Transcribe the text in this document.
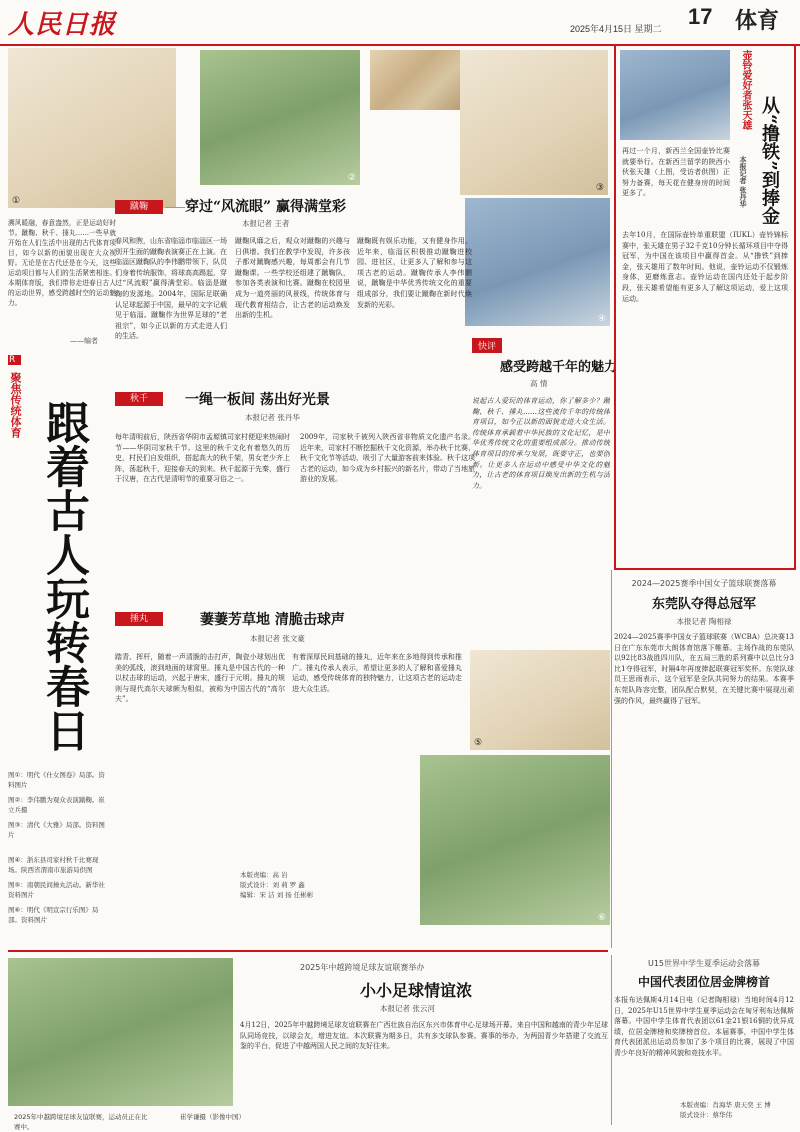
人民日报	2025年4月15日 星期二 17 体育
①
②
③
④
溯风暖融，春意盎然，正是运动好时节。蹴鞠、秋千、捶丸……一些早就开始在人们生活中出现的古代体育项目，如今以新的面貌出现在大众视野。无论是在古代还是在今天，这些运动项目都与人们的生活紧密相连。本期体育版，我们带你走进春日古人的运动世界，感受跨越时空的运动魅力。
——编者
R
聚焦传统体育 跟着古人玩转春日
图①：明代《仕女图卷》局部。资料图片
图②：李伟鹏为观众表演蹴鞠。崔立兵摄
图③：清代《大雅》局部。资料图片
图④：浙东县司家村秋千比赛现场。陕西省渭南市旅游局供图
图⑤：南朝民间捶丸活动。新华社资料图片
图⑥：明代《明宣宗行乐图》局部。资料图片
蹴鞠	穿过“风流眼” 赢得满堂彩
本报记者 王者
春风和煦，山东省临淄市临淄区一场别开生面的蹴鞠表演赛正在上演。在临淄区蹴鞠队的李伟鹏带领下，队员们身着传统服饰，将球高高踢起，穿过“风流眼”赢得满堂彩。临淄是蹴鞠的发源地。2004年，国际足联确认足球起源于中国，最早的文字记载见于临淄。蹴鞠作为世界足球的“老祖宗”，如今正以新的方式走进人们的生活。
蹴鞠风靡之后，观众对蹴鞠的兴趣与日俱增。我们在教学中发现，许多孩子都对蹴鞠感兴趣，每周都会有几节蹴鞠课。一些学校还组建了蹴鞠队，参加各类表演和比赛。蹴鞠在校园里成为一道亮丽的风景线，传统体育与现代教育相结合，让古老的运动焕发出新的生机。
蹴鞠既有娱乐功能，又有健身作用。近年来，临淄区积极推动蹴鞠进校园、进社区，让更多人了解和参与这项古老的运动。蹴鞠传承人李伟鹏说，蹴鞠是中华优秀传统文化的重要组成部分，我们要让蹴鞠在新时代焕发新的光彩。
秋千	一绳一板间 荡出好光景
本报记者 张丹华
每年清明前后，陕西省华阴市孟塬镇司家村便迎来热闹时节——华阴司家秋千节。这里的秋千文化有着悠久的历史，村民们自发组织，搭起高大的秋千架，男女老少齐上阵，荡起秋千，迎接春天的到来。秋千起源于先秦，盛行于汉唐，在古代是清明节的重要习俗之一。
2009年，司家秋千被列入陕西省非物质文化遗产名录。近年来，司家村不断挖掘秋千文化资源，举办秋千比赛、秋千文化节等活动，吸引了大量游客前来体验。秋千这项古老的运动，如今成为乡村振兴的新名片，带动了当地旅游业的发展。
捶丸	萋萋芳草地 清脆击球声
本报记者 张文豪
踏青、挥杆，随着一声清脆的击打声，陶瓷小球划出优美的弧线，滚到地面的球窝里。捶丸是中国古代的一种以杖击球的运动，兴起于唐宋，盛行于元明。捶丸的规则与现代高尔夫球颇为相似，被称为中国古代的“高尔夫”。
有着深厚民间基础的捶丸，近年来在多地得到传承和推广。捶丸传承人表示，希望让更多的人了解和喜爱捶丸运动，感受传统体育的独特魅力，让这项古老的运动走进大众生活。
⑤
⑥
本版责编：高 岩
版式设计：刘 莉 罗 鑫
编辑：宋 洁 刘 扬 任彬彬
快评
感受跨越千年的魅力
高 情
说起古人爱玩的体育运动，你了解多少？蹴鞠、秋千、捶丸……这些流传千年的传统体育项目，如今正以新的面貌走进大众生活。传统体育承载着中华民族的文化记忆，是中华优秀传统文化的重要组成部分。推动传统体育项目的传承与发展，既要守正，也要创新。让更多人在运动中感受中华文化的魅力，让古老的体育项目焕发出新的生机与活力。
壶铃爱好者张天雄
从“撸铁”到捧金
本报记者 张丹华
再过一个月，新西兰全国壶铃比赛就要举行。在新西兰留学的陕西小伙张天雄（上图，受访者供图）正努力备赛，每天花在健身房的时间更多了。
去年10月，在国际壶铃单重联盟（IUKL）壶铃锦标赛中，张天雄在男子32千克10分钟长循环项目中夺得冠军，为中国在该项目中赢得首金。从“撸铁”到捧金，张天雄用了数年时间。他说，壶铃运动不仅锻炼身体，更磨炼意志。壶铃运动在国内还处于起步阶段，张天雄希望能有更多人了解这项运动，爱上这项运动。
2024—2025赛季中国女子篮球联赛落幕
东莞队夺得总冠军
本报记者 陶相禄
2024—2025赛季中国女子篮球联赛（WCBA）总决赛13日在广东东莞市大朗体育馆落下帷幕。主场作战的东莞队以92比83战胜四川队，在五局三胜的系列赛中以总比分3比1夺得冠军，时隔4年再度捧起联赛冠军奖杯。东莞队球员王思雨表示，这个冠军是全队共同努力的结果。本赛季东莞队阵容完整，团队配合默契，在关键比赛中展现出顽强的作风，最终赢得了冠军。
2025年中越跨境足球友谊联赛，运动员正在比赛中。
崔学谦摄（影像中国）
2025年中越跨境足球友谊联赛举办
小小足球情谊浓
本报记者 张云河
4月12日，2025年中越跨境足球友谊联赛在广西壮族自治区东兴市体育中心足球场开幕。来自中国和越南的青少年足球队同场竞技，以球会友，增进友谊。本次联赛为期多日，共有多支球队参赛。赛事的举办，为两国青少年搭建了交流互鉴的平台，促进了中越两国人民之间的友好往来。
U15世界中学生夏季运动会落幕
中国代表团位居金牌榜首
本报布达佩斯4月14日电（记者陶相禄）当地时间4月12日，2025年U15世界中学生夏季运动会在匈牙利布达佩斯落幕。中国中学生体育代表团以61金21银16铜的优异成绩，位居金牌榜和奖牌榜首位。本届赛事，中国中学生体育代表团派出运动员参加了多个项目的比赛，展现了中国青少年良好的精神风貌和竞技水平。
本版责编：肖海华 唐天奕 王 博
版式设计：蔡华伟
